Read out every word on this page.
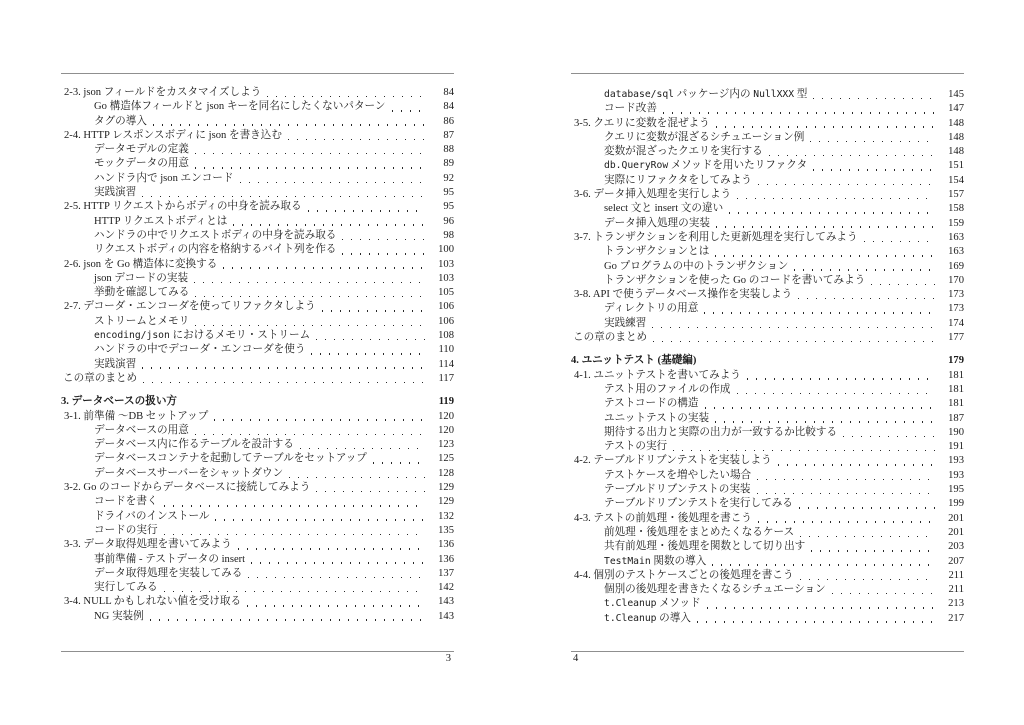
2-3. json フィールドをカスタマイズしよう	84
Go 構造体フィールドと json キーを同名にしたくないパターン	84
タグの導入	86
2-4. HTTP レスポンスボディに json を書き込む	87
データモデルの定義	88
モックデータの用意	89
ハンドラ内で json エンコード	92
実践演習	95
2-5. HTTP リクエストからボディの中身を読み取る	95
HTTP リクエストボディとは	96
ハンドラの中でリクエストボディの中身を読み取る	98
リクエストボディの内容を格納するバイト列を作る	100
2-6. json を Go 構造体に変換する	103
json デコードの実装	103
挙動を確認してみる	105
2-7. デコーダ・エンコーダを使ってリファクタしよう	106
ストリームとメモリ	106
encoding/json におけるメモリ・ストリーム	108
ハンドラの中でデコーダ・エンコーダを使う	110
実践演習	114
この章のまとめ	117
3. データベースの扱い方	119
3-1. 前準備 〜DB セットアップ	120
データベースの用意	120
データベース内に作るテーブルを設計する	123
データベースコンテナを起動してテーブルをセットアップ	125
データベースサーバーをシャットダウン	128
3-2. Go のコードからデータベースに接続してみよう	129
コードを書く	129
ドライバのインストール	132
コードの実行	135
3-3. データ取得処理を書いてみよう	136
事前準備 - テストデータの insert	136
データ取得処理を実装してみる	137
実行してみる	142
3-4. NULL かもしれない値を受け取る	143
NG 実装例	143
3
database/sql パッケージ内の NullXXX 型	145
コード改善	147
3-5. クエリに変数を混ぜよう	148
クエリに変数が混ざるシチュエーション例	148
変数が混ざったクエリを実行する	148
db.QueryRow メソッドを用いたリファクタ	151
実際にリファクタをしてみよう	154
3-6. データ挿入処理を実行しよう	157
select 文と insert 文の違い	158
データ挿入処理の実装	159
3-7. トランザクションを利用した更新処理を実行してみよう	163
トランザクションとは	163
Go プログラムの中のトランザクション	169
トランザクションを使った Go のコードを書いてみよう	170
3-8. API で使うデータベース操作を実装しよう	173
ディレクトリの用意	173
実践練習	174
この章のまとめ	177
4. ユニットテスト (基礎編)	179
4-1. ユニットテストを書いてみよう	181
テスト用のファイルの作成	181
テストコードの構造	181
ユニットテストの実装	187
期待する出力と実際の出力が一致するか比較する	190
テストの実行	191
4-2. テーブルドリブンテストを実装しよう	193
テストケースを増やしたい場合	193
テーブルドリブンテストの実装	195
テーブルドリブンテストを実行してみる	199
4-3. テストの前処理・後処理を書こう	201
前処理・後処理をまとめたくなるケース	201
共有前処理・後処理を関数として切り出す	203
TestMain 関数の導入	207
4-4. 個別のテストケースごとの後処理を書こう	211
個別の後処理を書きたくなるシチュエーション	211
t.Cleanup メソッド	213
t.Cleanup の導入	217
4
